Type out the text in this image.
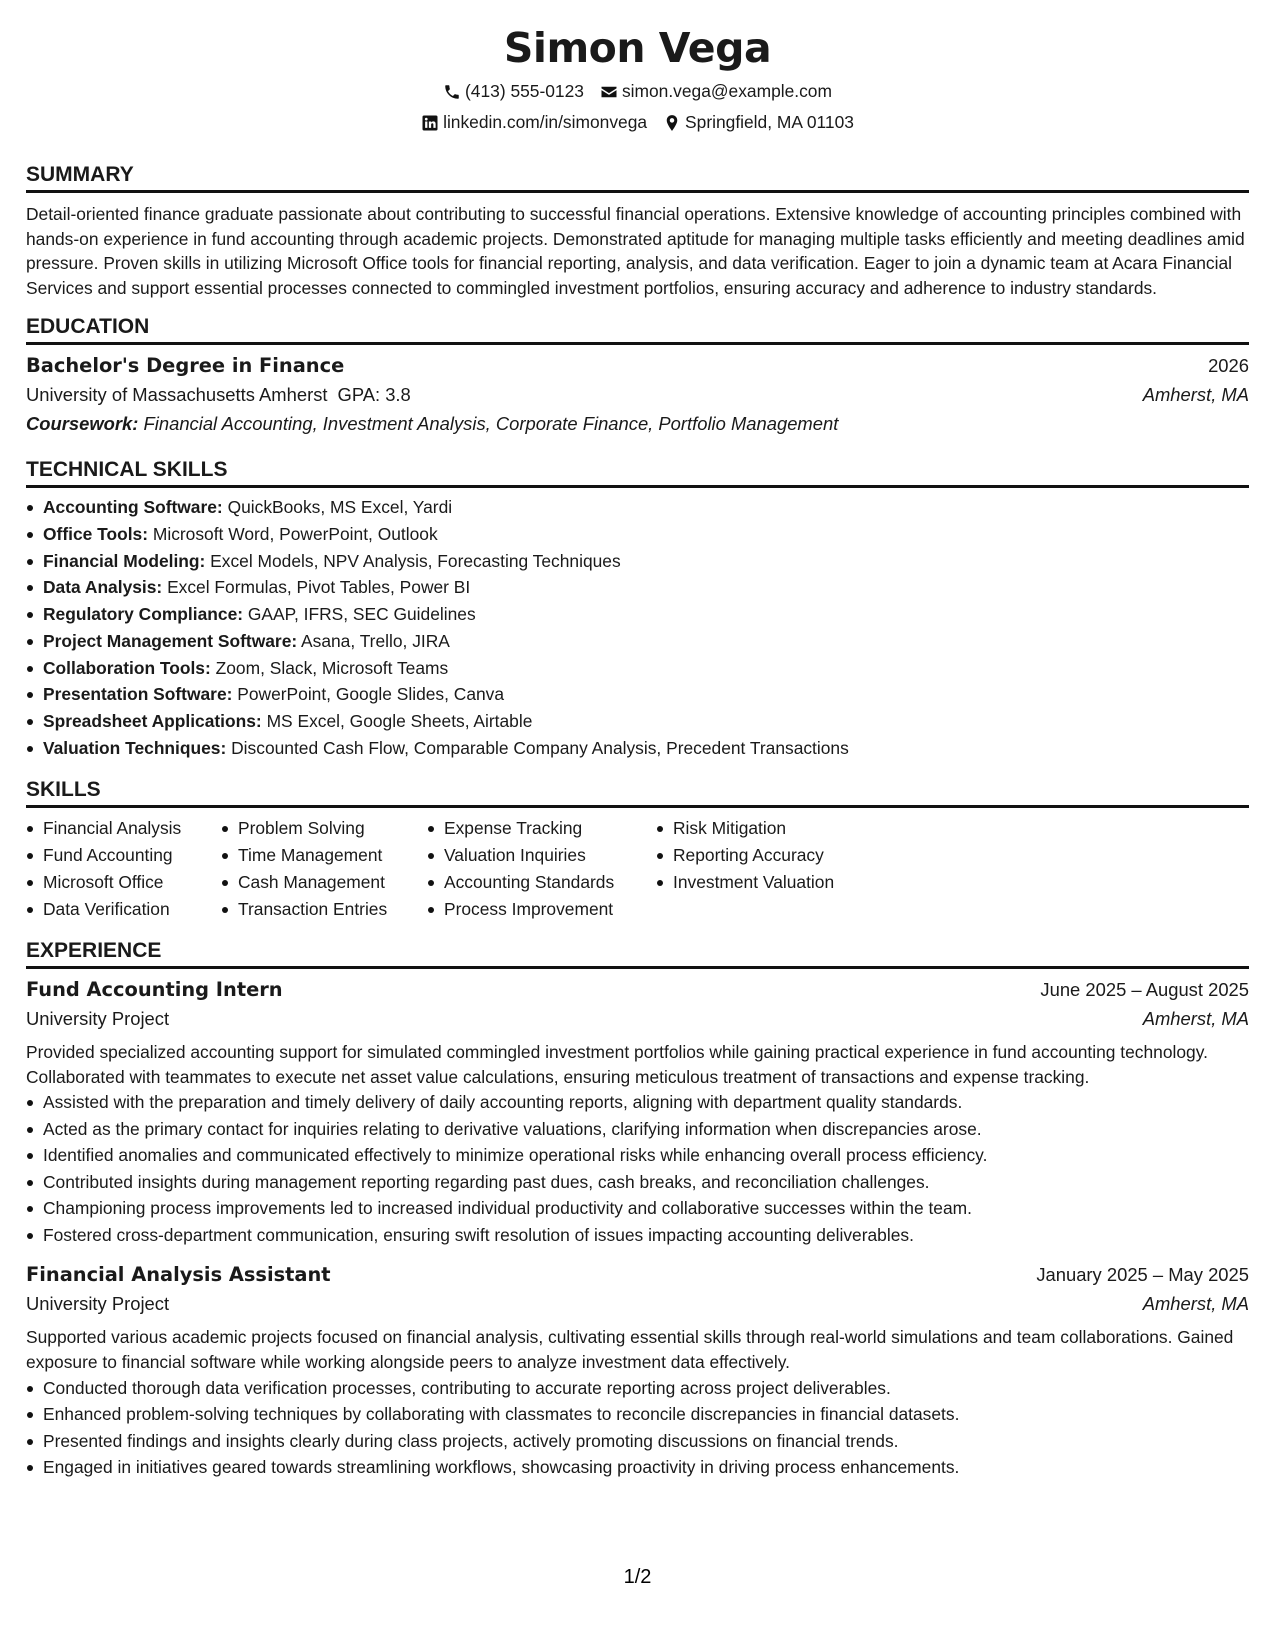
Simon Vega
(413) 555-0123 simon.vega@example.com
linkedin.com/in/simonvega Springfield, MA 01103
SUMMARY

Detail-oriented finance graduate passionate about contributing to successful financial operations. Extensive knowledge of accounting principles combined with hands-on experience in fund accounting through academic projects. Demonstrated aptitude for managing multiple tasks efficiently and meeting deadlines amid pressure. Proven skills in utilizing Microsoft Office tools for financial reporting, analysis, and data verification. Eager to join a dynamic team at Acara Financial Services and support essential processes connected to commingled investment portfolios, ensuring accuracy and adherence to industry standards.

EDUCATION
Bachelor's Degree in Finance	2026
University of Massachusetts Amherst GPA: 3.8	Amherst, MA
Coursework: Financial Accounting, Investment Analysis, Corporate Finance, Portfolio Management
TECHNICAL SKILLS
Accounting Software: QuickBooks, MS Excel, Yardi
Office Tools: Microsoft Word, PowerPoint, Outlook
Financial Modeling: Excel Models, NPV Analysis, Forecasting Techniques
Data Analysis: Excel Formulas, Pivot Tables, Power BI
Regulatory Compliance: GAAP, IFRS, SEC Guidelines
Project Management Software: Asana, Trello, JIRA
Collaboration Tools: Zoom, Slack, Microsoft Teams
Presentation Software: PowerPoint, Google Slides, Canva
Spreadsheet Applications: MS Excel, Google Sheets, Airtable
Valuation Techniques: Discounted Cash Flow, Comparable Company Analysis, Precedent Transactions
SKILLS
Financial Analysis
Fund Accounting
Microsoft Office
Data Verification
Problem Solving
Time Management
Cash Management
Transaction Entries
Expense Tracking
Valuation Inquiries
Accounting Standards
Process Improvement
Risk Mitigation
Reporting Accuracy
Investment Valuation
EXPERIENCE
Fund Accounting Intern	June 2025 – August 2025
University Project	Amherst, MA

Provided specialized accounting support for simulated commingled investment portfolios while gaining practical experience in fund accounting technology. Collaborated with teammates to execute net asset value calculations, ensuring meticulous treatment of transactions and expense tracking.

Assisted with the preparation and timely delivery of daily accounting reports, aligning with department quality standards.
Acted as the primary contact for inquiries relating to derivative valuations, clarifying information when discrepancies arose.
Identified anomalies and communicated effectively to minimize operational risks while enhancing overall process efficiency.
Contributed insights during management reporting regarding past dues, cash breaks, and reconciliation challenges.
Championing process improvements led to increased individual productivity and collaborative successes within the team.
Fostered cross-department communication, ensuring swift resolution of issues impacting accounting deliverables.
Financial Analysis Assistant	January 2025 – May 2025
University Project	Amherst, MA

Supported various academic projects focused on financial analysis, cultivating essential skills through real-world simulations and team collaborations. Gained exposure to financial software while working alongside peers to analyze investment data effectively.

Conducted thorough data verification processes, contributing to accurate reporting across project deliverables.
Enhanced problem-solving techniques by collaborating with classmates to reconcile discrepancies in financial datasets.
Presented findings and insights clearly during class projects, actively promoting discussions on financial trends.
Engaged in initiatives geared towards streamlining workflows, showcasing proactivity in driving process enhancements.
1/2
